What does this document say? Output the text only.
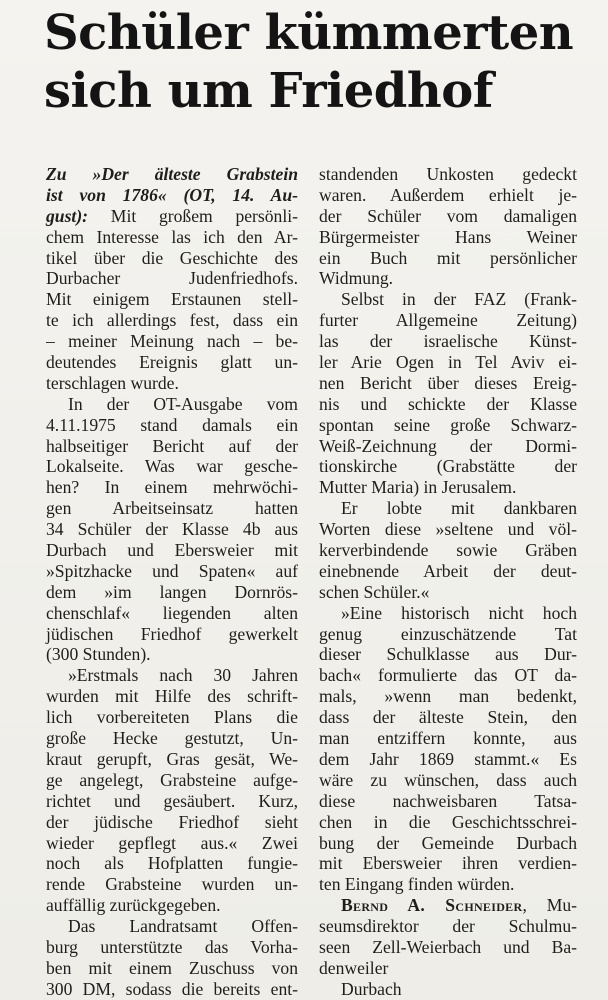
Schüler kümmerten
sich um Friedhof
Zu »Der älteste Grabstein
ist von 1786« (OT, 14. Au-
gust): Mit großem persönli-
chem Interesse las ich den Ar-
tikel über die Geschichte des
Durbacher Judenfriedhofs.
Mit einigem Erstaunen stell-
te ich allerdings fest, dass ein
– meiner Meinung nach – be-
deutendes Ereignis glatt un-
terschlagen wurde.
In der OT-Ausgabe vom
4.11.1975 stand damals ein
halbseitiger Bericht auf der
Lokalseite. Was war gesche-
hen? In einem mehrwöchi-
gen Arbeitseinsatz hatten
34 Schüler der Klasse 4b aus
Durbach und Ebersweier mit
»Spitzhacke und Spaten« auf
dem »im langen Dornrös-
chenschlaf« liegenden alten
jüdischen Friedhof gewerkelt
(300 Stunden).
»Erstmals nach 30 Jahren
wurden mit Hilfe des schrift-
lich vorbereiteten Plans die
große Hecke gestutzt, Un-
kraut gerupft, Gras gesät, We-
ge angelegt, Grabsteine aufge-
richtet und gesäubert. Kurz,
der jüdische Friedhof sieht
wieder gepflegt aus.« Zwei
noch als Hofplatten fungie-
rende Grabsteine wurden un-
auffällig zurückgegeben.
Das Landratsamt Offen-
burg unterstützte das Vorha-
ben mit einem Zuschuss von
300 DM, sodass die bereits ent-
standenden Unkosten gedeckt
waren. Außerdem erhielt je-
der Schüler vom damaligen
Bürgermeister Hans Weiner
ein Buch mit persönlicher
Widmung.
Selbst in der FAZ (Frank-
furter Allgemeine Zeitung)
las der israelische Künst-
ler Arie Ogen in Tel Aviv ei-
nen Bericht über dieses Ereig-
nis und schickte der Klasse
spontan seine große Schwarz-
Weiß-Zeichnung der Dormi-
tionskirche (Grabstätte der
Mutter Maria) in Jerusalem.
Er lobte mit dankbaren
Worten diese »seltene und völ-
kerverbindende sowie Gräben
einebnende Arbeit der deut-
schen Schüler.«
»Eine historisch nicht hoch
genug einzuschätzende Tat
dieser Schulklasse aus Dur-
bach« formulierte das OT da-
mals, »wenn man bedenkt,
dass der älteste Stein, den
man entziffern konnte, aus
dem Jahr 1869 stammt.« Es
wäre zu wünschen, dass auch
diese nachweisbaren Tatsa-
chen in die Geschichtsschrei-
bung der Gemeinde Durbach
mit Ebersweier ihren verdien-
ten Eingang finden würden.
Bernd A. Schneider, Mu-
seumsdirektor der Schulmu-
seen Zell-Weierbach und Ba-
denweiler
Durbach
